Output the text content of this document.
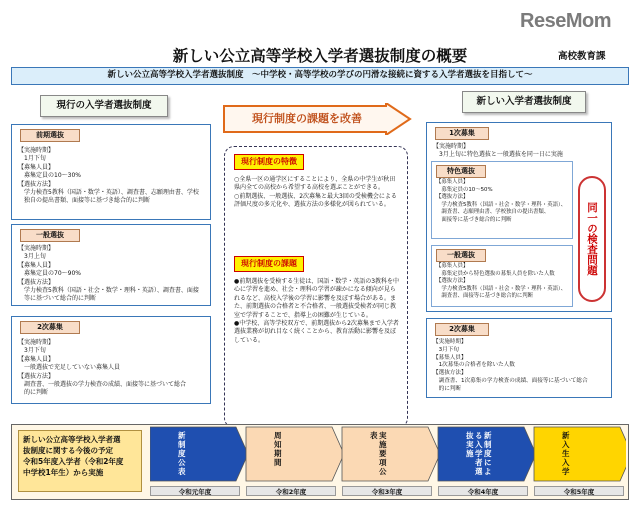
ReseMom
新しい公立高等学校入学者選抜制度の概要	高校教育課
新しい公立高等学校入学者選抜制度　～中学校・高等学校の学びの円滑な接続に資する入学者選抜を目指して～
現行の入学者選抜制度
前期選抜
【実施時期】
　1月下旬
【募集人員】
　募集定員の10～30%
【選抜方法】
　学力検査5教科（国語・数学・英語）、調査書、志願理由書、学校
　独自の提出書類、面接等に基づき総合的に判断
一般選抜
【実施時期】
　3月上旬
【募集人員】
　募集定員の70～90%
【選抜方法】
　学力検査5教科（国語・社会・数学・理科・英語）、調査書、面接
　等に基づいて総合的に判断
2次募集
【実施時期】
　3月下旬
【募集人員】
　一般選抜で充足していない募集人員
【選抜方法】
　調査書、一般選抜の学力検査の成績、面接等に基づいて総合
　的に判断
現行制度の課題を改善
現行制度の特徴
○全県一区の通学区にすることにより、全県の中学生が秋田県内全ての高校から希望する高校を選ぶことができる。
○前期選抜、一般選抜、2次募集と最大3回の受検機会による評価尺度の多元化や、選抜方法の多様化が図られている。
現行制度の課題
●前期選抜を受検する生徒は、国語・数学・英語の3教科を中心に学習を進め、社会・理科の学習が疎かになる傾向が見られるなど、高校入学後の学習に影響を及ぼす場合がある。また、前期選抜の合格者と不合格者、一般選抜受検者が同じ教室で学習することで、指導上の困難が生じている。
●中学校、高等学校双方で、前期選抜から2次募集まで入学者選抜業務が切れ目なく続くことから、教育活動に影響を及ぼしている。
新しい入学者選抜制度
1次募集
【実施時期】
　3月上旬に特色選抜と一般選抜を同一日に実施
特色選抜
【募集人員】
　募集定員の10～50%
【選抜方法】
　学力検査5教科（国語・社会・数学・理科・英語）、
　調査書、志願理由書、学校独自の提出書類、
　面接等に基づき総合的に判断
一般選抜
【募集人員】
　募集定員から特色選抜の募集人員を除いた人数
【選抜方法】
　学力検査5教科（国語・社会・数学・理科・英語）、
　調査書、面接等に基づき総合的に判断
同一の検査問題
2次募集
【実施時期】
　3月下旬
【募集人員】
　1次募集の合格者を除いた人数
【選抜方法】
　調査書、1次募集の学力検査の成績、面接等に基づいて総合
　的に判断
新しい公立高等学校入学者選
抜制度に関する今後の予定
令和5年度入学者（令和2年度
中学校1年生）から実施
新制度公表
周知期間
実施要項公
表	新制度によ
る入学者選
抜実施
新入生入学
令和元年度	令和2年度	令和3年度	令和4年度	令和5年度
